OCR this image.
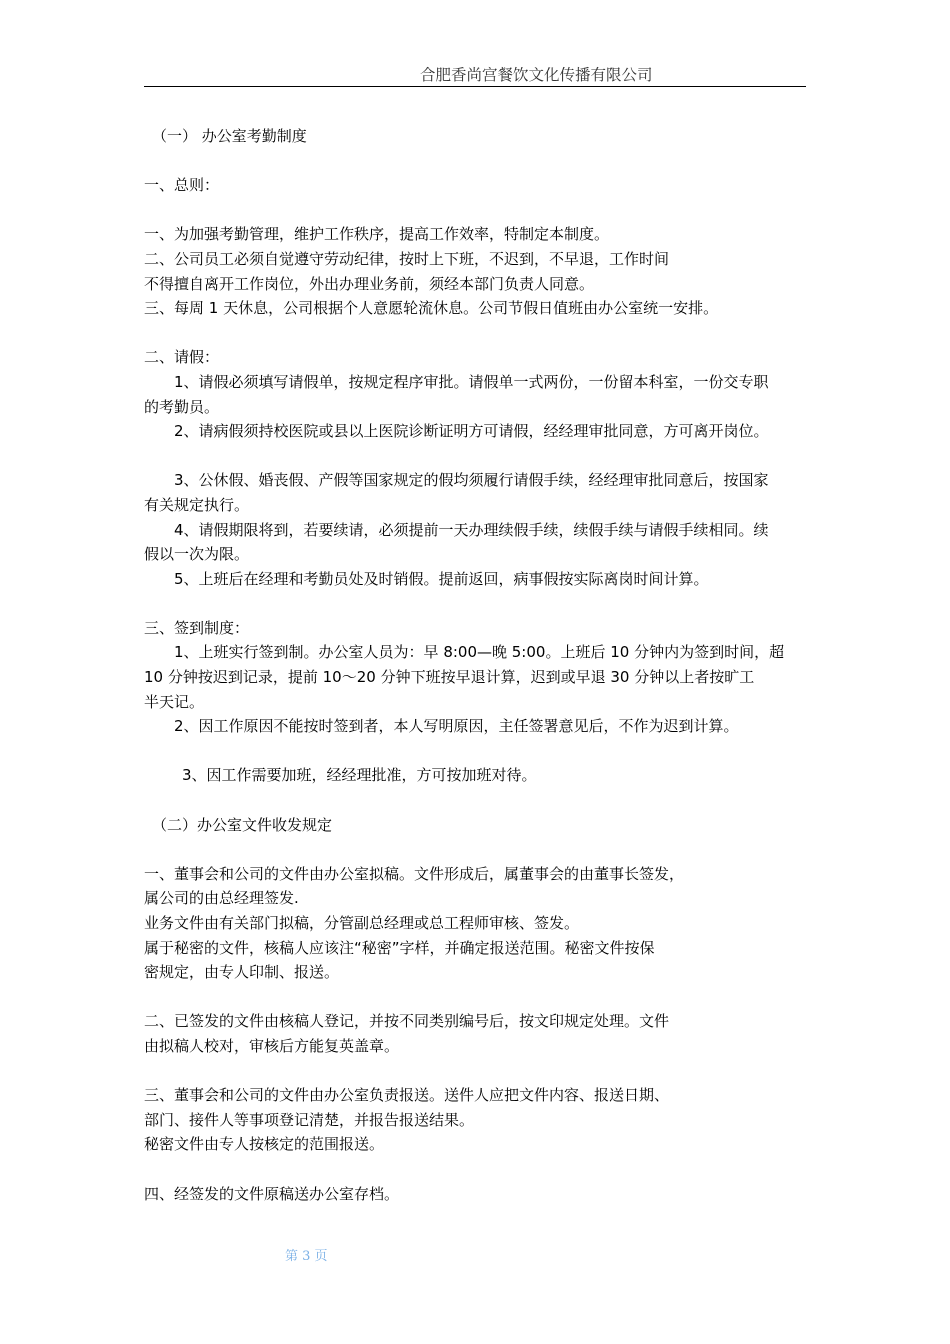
合肥香尚宫餐饮文化传播有限公司

（一） 办公室考勤制度

一、总则：

一、为加强考勤管理，维护工作秩序，提高工作效率，特制定本制度。

二、公司员工必须自觉遵守劳动纪律，按时上下班，不迟到，不早退，工作时间

不得擅自离开工作岗位，外出办理业务前，须经本部门负责人同意。

三、每周 1 天休息，公司根据个人意愿轮流休息。公司节假日值班由办公室统一安排。

二、请假：

1、请假必须填写请假单，按规定程序审批。请假单一式两份，一份留本科室，一份交专职

的考勤员。

2、请病假须持校医院或县以上医院诊断证明方可请假，经经理审批同意，方可离开岗位。

3、公休假、婚丧假、产假等国家规定的假均须履行请假手续，经经理审批同意后，按国家

有关规定执行。

4、请假期限将到，若要续请，必须提前一天办理续假手续，续假手续与请假手续相同。续

假以一次为限。

5、上班后在经理和考勤员处及时销假。提前返回，病事假按实际离岗时间计算。

三、签到制度：

1、上班实行签到制。办公室人员为：早 8:00—晚 5:00。上班后 10 分钟内为签到时间，超

10 分钟按迟到记录，提前 10～20 分钟下班按早退计算，迟到或早退 30 分钟以上者按旷工

半天记。

2、因工作原因不能按时签到者，本人写明原因，主任签署意见后，不作为迟到计算。

3、因工作需要加班，经经理批准，方可按加班对待。

（二）办公室文件收发规定

一、董事会和公司的文件由办公室拟稿。文件形成后，属董事会的由董事长签发，

属公司的由总经理签发.

业务文件由有关部门拟稿，分管副总经理或总工程师审核、签发。

属于秘密的文件，核稿人应该注“秘密”字样，并确定报送范围。秘密文件按保

密规定，由专人印制、报送。

二、已签发的文件由核稿人登记，并按不同类别编号后，按文印规定处理。文件

由拟稿人校对，审核后方能复英盖章。

三、董事会和公司的文件由办公室负责报送。送件人应把文件内容、报送日期、

部门、接件人等事项登记清楚，并报告报送结果。

秘密文件由专人按核定的范围报送。

四、经签发的文件原稿送办公室存档。

第 3 页
